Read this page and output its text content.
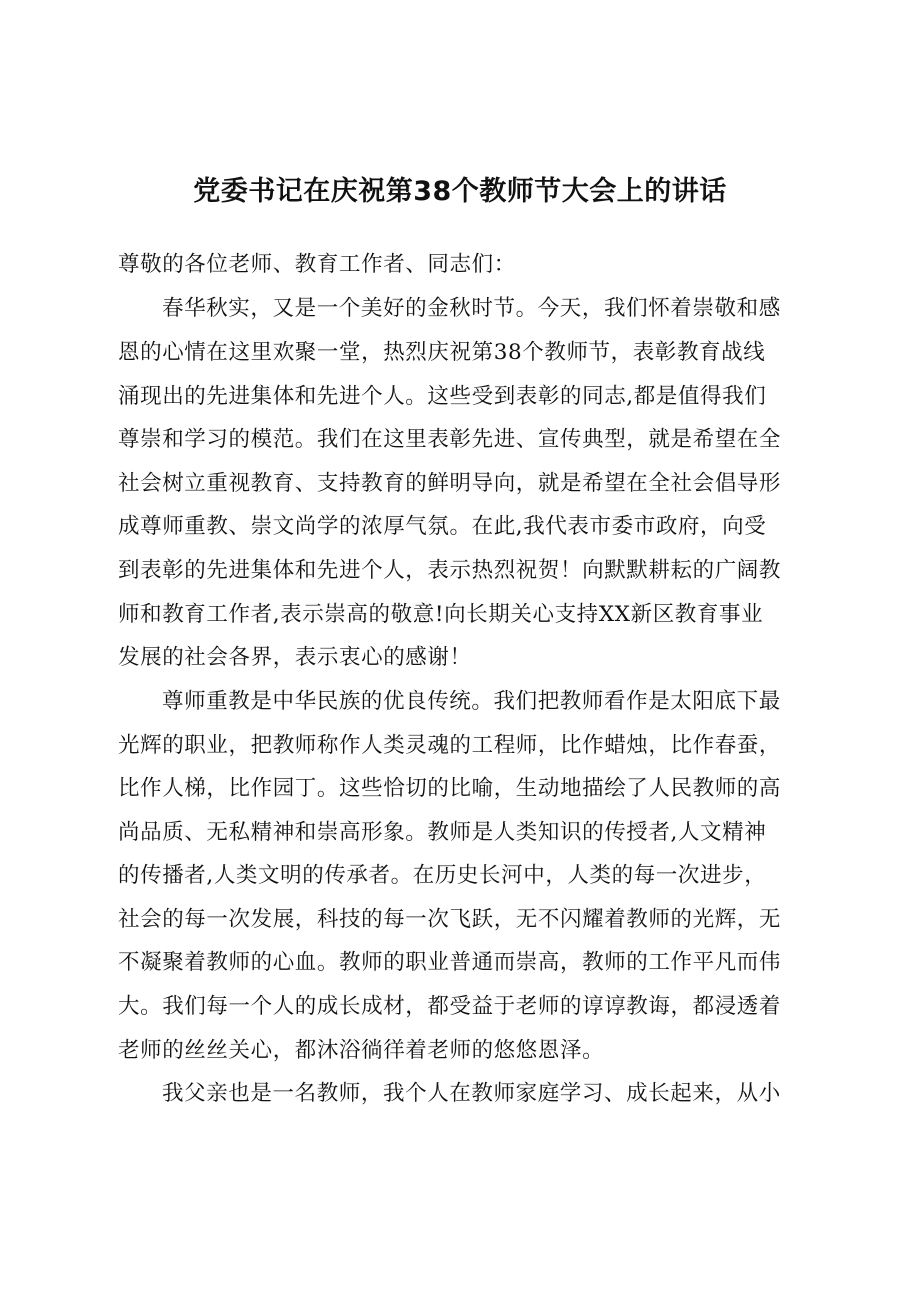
党委书记在庆祝第38个教师节大会上的讲话
尊敬的各位老师、教育工作者、同志们：
春华秋实，又是一个美好的金秋时节。今天，我们怀着崇敬和感
恩的心情在这里欢聚一堂，热烈庆祝第38个教师节，表彰教育战线
涌现出的先进集体和先进个人。这些受到表彰的同志,都是值得我们
尊崇和学习的模范。我们在这里表彰先进、宣传典型，就是希望在全
社会树立重视教育、支持教育的鲜明导向，就是希望在全社会倡导形
成尊师重教、崇文尚学的浓厚气氛。在此,我代表市委市政府，向受
到表彰的先进集体和先进个人，表示热烈祝贺！向默默耕耘的广阔教
师和教育工作者,表示崇高的敬意!向长期关心支持XX新区教育事业
发展的社会各界，表示衷心的感谢！
尊师重教是中华民族的优良传统。我们把教师看作是太阳底下最
光辉的职业，把教师称作人类灵魂的工程师，比作蜡烛，比作春蚕，
比作人梯，比作园丁。这些恰切的比喻，生动地描绘了人民教师的高
尚品质、无私精神和崇高形象。教师是人类知识的传授者,人文精神
的传播者,人类文明的传承者。在历史长河中，人类的每一次进步，
社会的每一次发展，科技的每一次飞跃，无不闪耀着教师的光辉，无
不凝聚着教师的心血。教师的职业普通而崇高，教师的工作平凡而伟
大。我们每一个人的成长成材，都受益于老师的谆谆教诲，都浸透着
老师的丝丝关心，都沐浴徜徉着老师的悠悠恩泽。
我父亲也是一名教师，我个人在教师家庭学习、成长起来，从小
